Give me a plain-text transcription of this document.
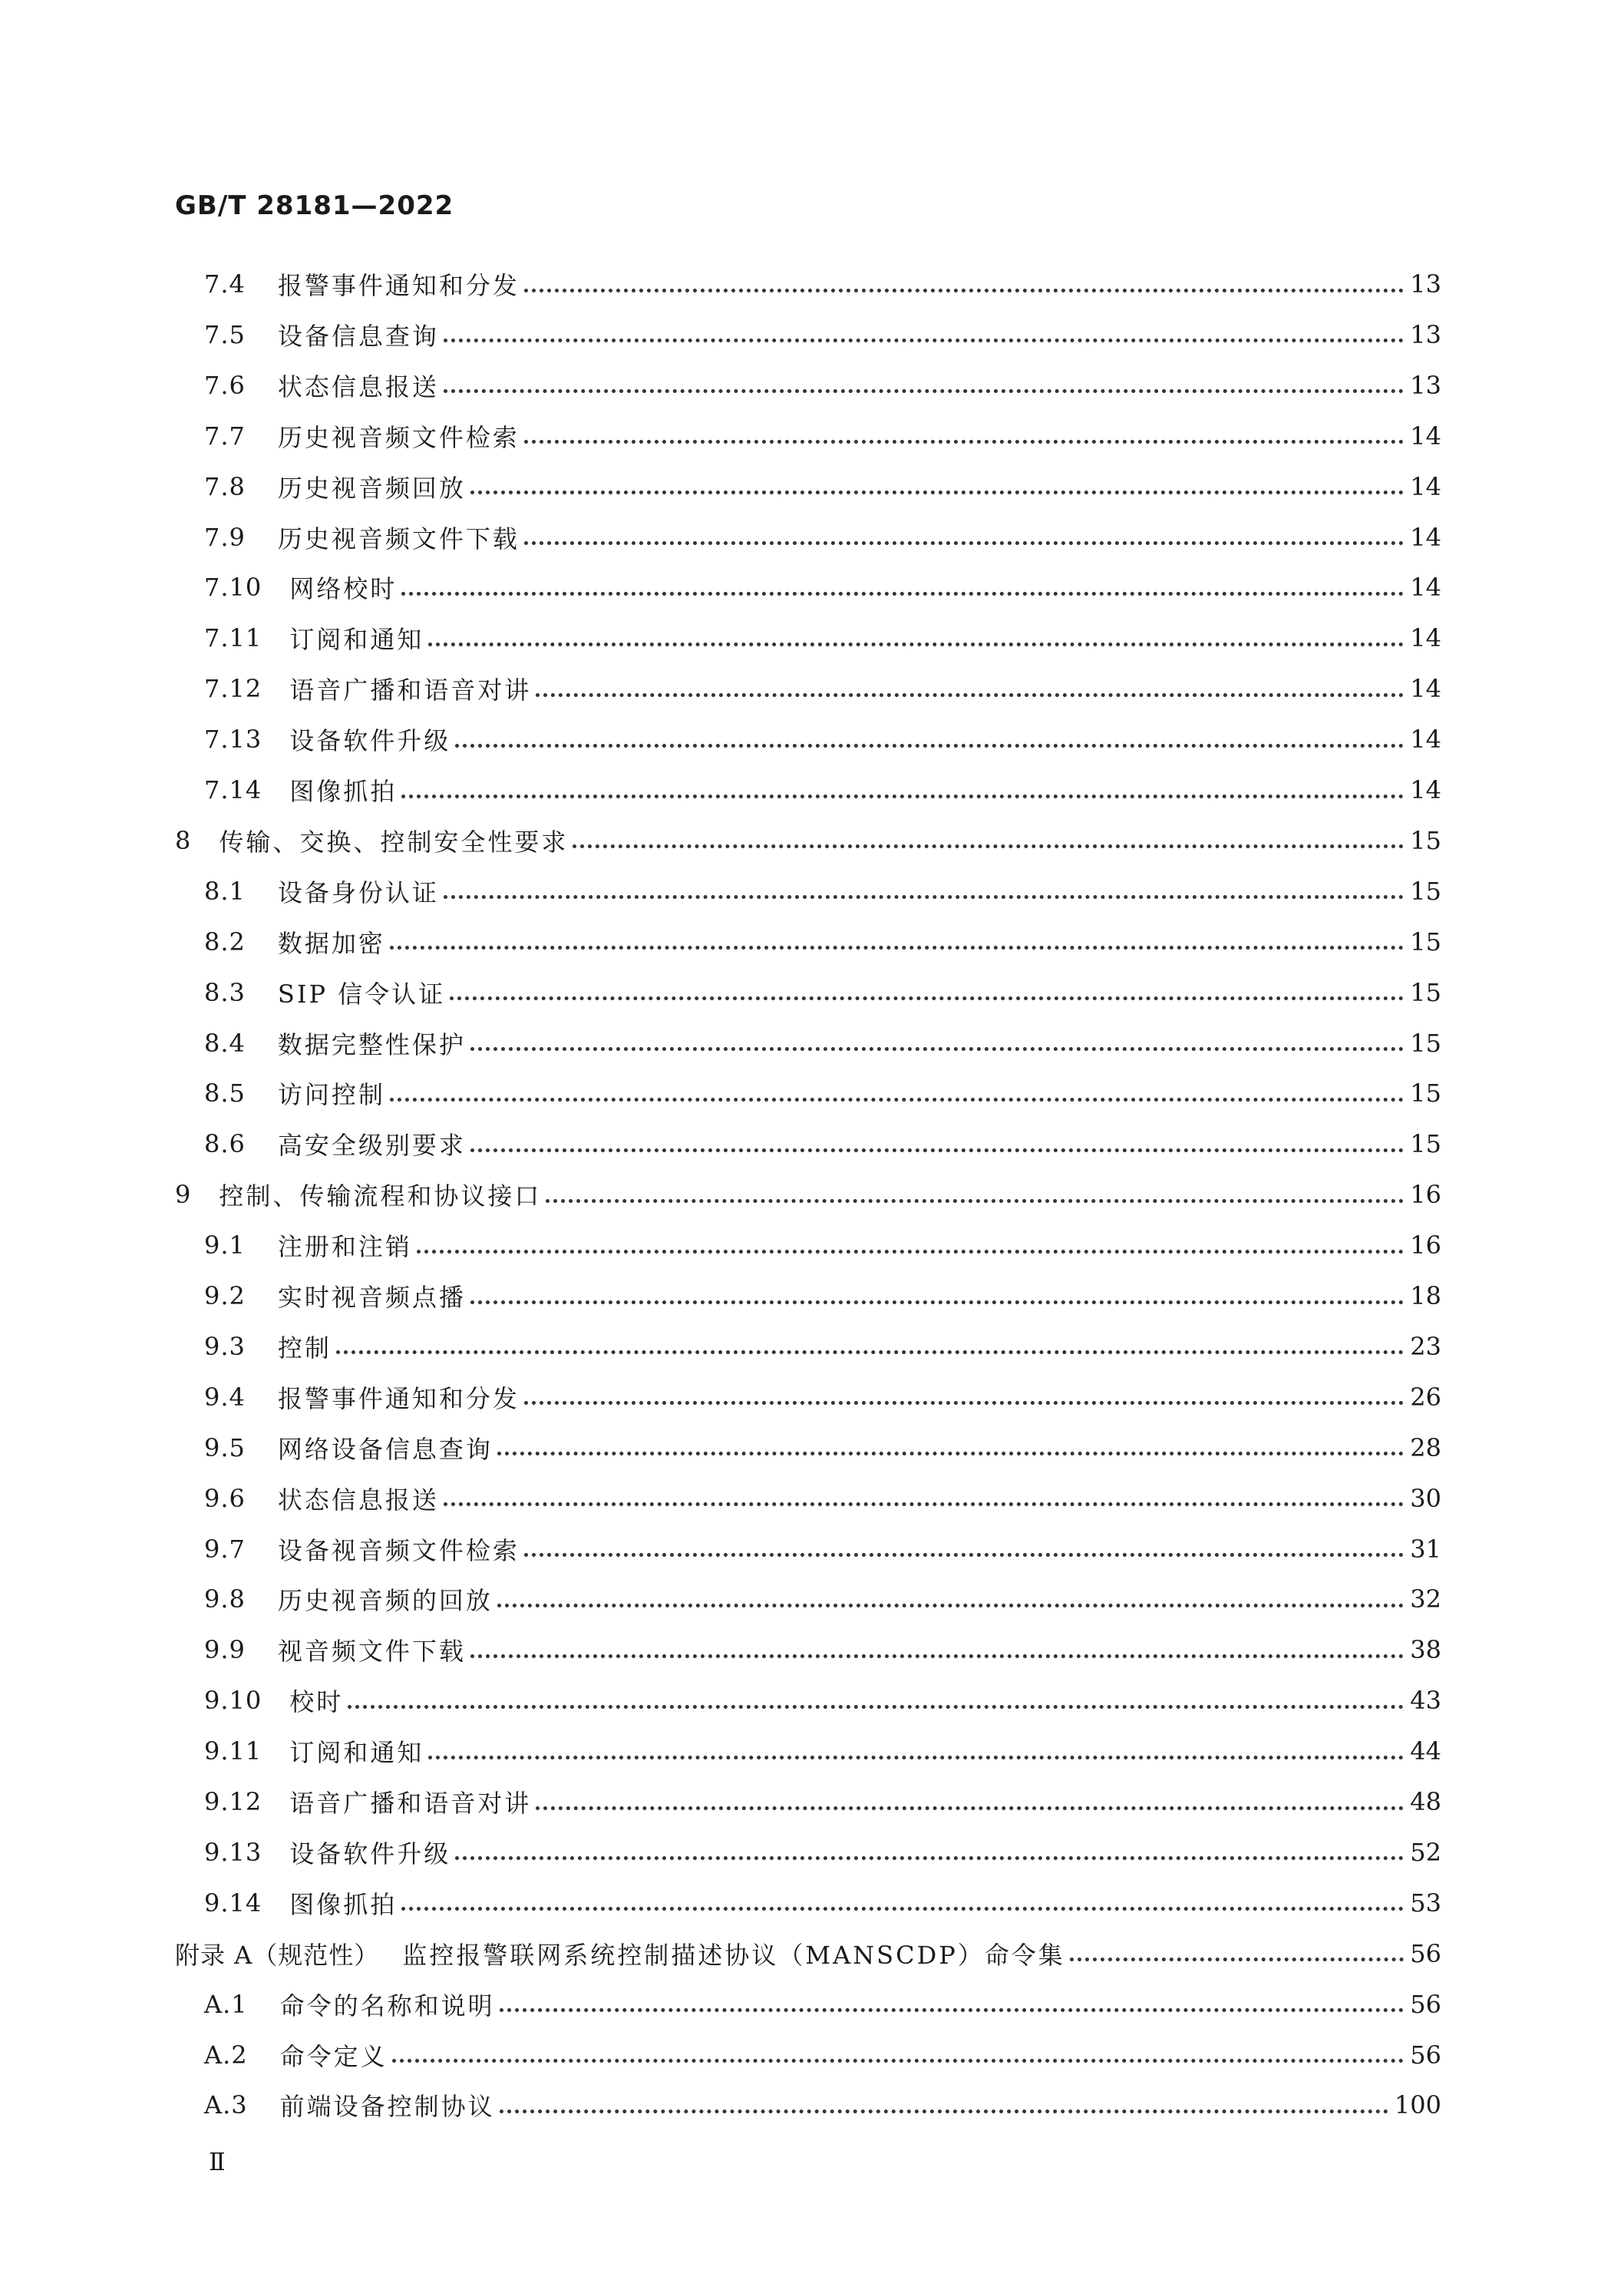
GB/T 28181—2022
7.4 报警事件通知和分发	13
7.5 设备信息查询	13
7.6 状态信息报送	13
7.7 历史视音频文件检索	14
7.8 历史视音频回放	14
7.9 历史视音频文件下载	14
7.10 网络校时	14
7.11 订阅和通知	14
7.12 语音广播和语音对讲	14
7.13 设备软件升级	14
7.14 图像抓拍	14
8 传输、交换、控制安全性要求	15
8.1 设备身份认证	15
8.2 数据加密	15
8.3 SIP 信令认证	15
8.4 数据完整性保护	15
8.5 访问控制	15
8.6 高安全级别要求	15
9 控制、传输流程和协议接口	16
9.1 注册和注销	16
9.2 实时视音频点播	18
9.3 控制	23
9.4 报警事件通知和分发	26
9.5 网络设备信息查询	28
9.6 状态信息报送	30
9.7 设备视音频文件检索	31
9.8 历史视音频的回放	32
9.9 视音频文件下载	38
9.10 校时	43
9.11 订阅和通知	44
9.12 语音广播和语音对讲	48
9.13 设备软件升级	52
9.14 图像抓拍	53
附录 A（规范性） 监控报警联网系统控制描述协议（MANSCDP）命令集	56
A.1 命令的名称和说明	56
A.2 命令定义	56
A.3 前端设备控制协议	100
Ⅱ
